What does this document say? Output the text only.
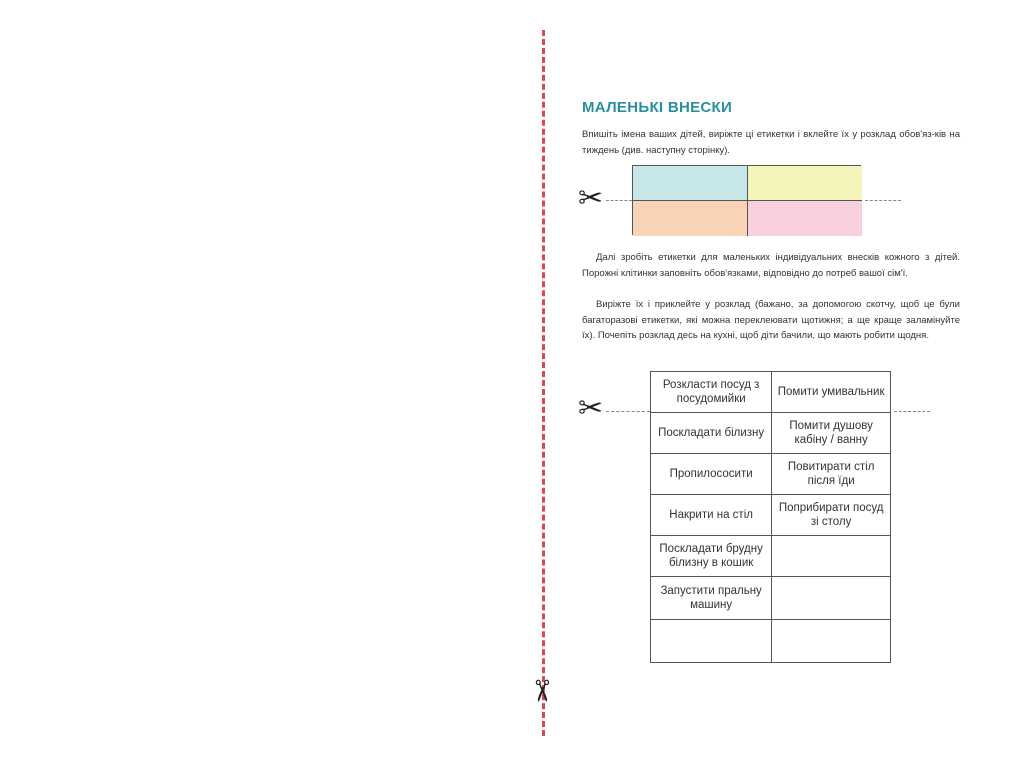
✂
МАЛЕНЬКІ ВНЕСКИ
Впишіть імена ваших дітей, виріжте ці етикетки і вклейте їх у розклад обов'яз-ків на тиждень (див. наступну сторінку).
✂
Далі зробіть етикетки для маленьких індивідуальних внесків кожного з дітей. Порожні клітинки заповніть обов'язками, відповідно до потреб вашої сім'ї.
Виріжте їх і приклейте у розклад (бажано, за допомогою скотчу, щоб це були багаторазові етикетки, які можна переклеювати щотижня; а ще краще заламінуйте їх). Почепіть розклад десь на кухні, щоб діти бачили, що мають робити щодня.
✂
Розкласти посуд з посудомийки	Помити умивальник
Поскладати білизну	Помити душову кабіну / ванну
Пропилососити	Повитирати стіл після їди
Накрити на стіл	Поприбирати посуд зі столу
Поскладати брудну білизну в кошик	
Запустити пральну машину	
